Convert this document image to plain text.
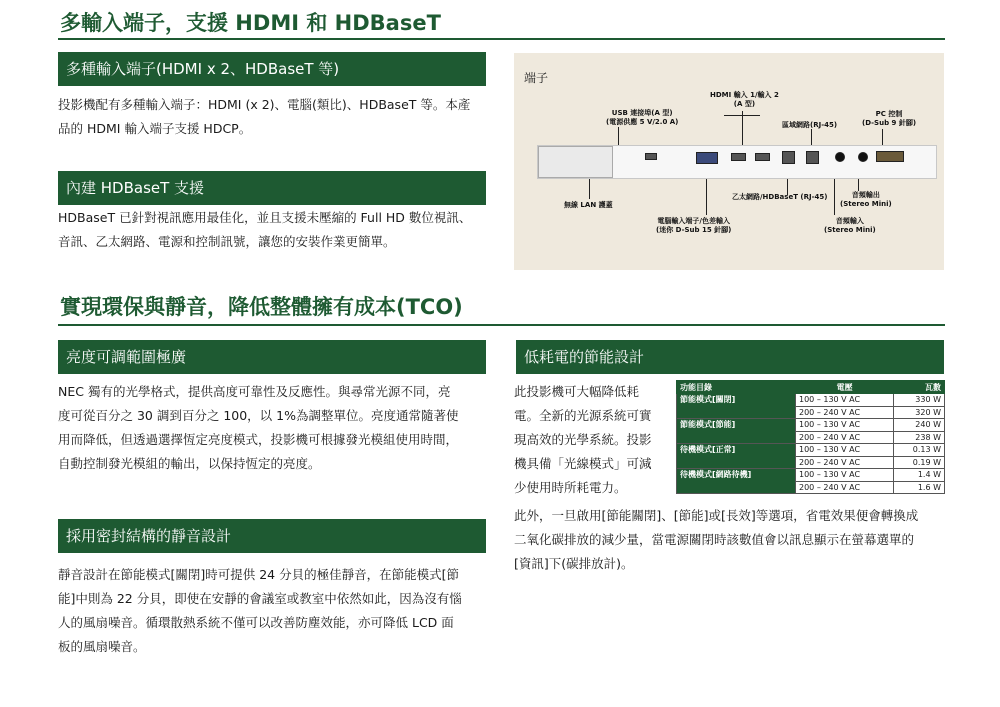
多輸入端子，支援 HDMI 和 HDBaseT
多種輸入端子(HDMI x 2、HDBaseT 等)
投影機配有多種輸入端子：HDMI (x 2)、電腦(類比)、HDBaseT 等。本產
品的 HDMI 輸入端子支援 HDCP。
內建 HDBaseT 支援
HDBaseT 已針對視訊應用最佳化，並且支援未壓縮的 Full HD 數位視訊、
音訊、乙太網路、電源和控制訊號，讓您的安裝作業更簡單。
端子
USB 連接埠(A 型)
(電源供應 5 V/2.0 A)
HDMI 輸入 1/輸入 2
(A 型)
區域網路(RJ-45)
PC 控制
(D-Sub 9 針腳)
無線 LAN 護蓋
乙太網路/HDBaseT (RJ-45)	音頻輸出
(Stereo Mini)
電腦輸入端子/色差輸入
(迷你 D-Sub 15 針腳)
音頻輸入
(Stereo Mini)
實現環保與靜音，降低整體擁有成本(TCO)
亮度可調範圍極廣
NEC 獨有的光學格式，提供高度可靠性及反應性。與尋常光源不同，亮
度可從百分之 30 調到百分之 100，以 1%為調整單位。亮度通常隨著使
用而降低，但透過選擇恆定亮度模式，投影機可根據發光模組使用時間，
自動控制發光模組的輸出，以保持恆定的亮度。
採用密封結構的靜音設計
靜音設計在節能模式[關閉]時可提供 24 分貝的極佳靜音，在節能模式[節
能]中則為 22 分貝，即使在安靜的會議室或教室中依然如此，因為沒有惱
人的風扇噪音。循環散熱系統不僅可以改善防塵效能，亦可降低 LCD 面
板的風扇噪音。
低耗電的節能設計
此投影機可大幅降低耗
電。全新的光源系統可實
現高效的光學系統。投影
機具備「光線模式」可減
少使用時所耗電力。
功能目錄	電壓	瓦數
節能模式[關閉]	100 – 130 V AC	330 W
	200 – 240 V AC	320 W
節能模式[節能]	100 – 130 V AC	240 W
	200 – 240 V AC	238 W
待機模式[正常]	100 – 130 V AC	0.13 W
	200 – 240 V AC	0.19 W
待機模式[網路待機]	100 – 130 V AC	1.4 W
	200 – 240 V AC	1.6 W
此外，一旦啟用[節能關閉]、[節能]或[長效]等選項，省電效果便會轉換成
二氧化碳排放的減少量，當電源關閉時該數值會以訊息顯示在螢幕選單的
[資訊]下(碳排放計)。
